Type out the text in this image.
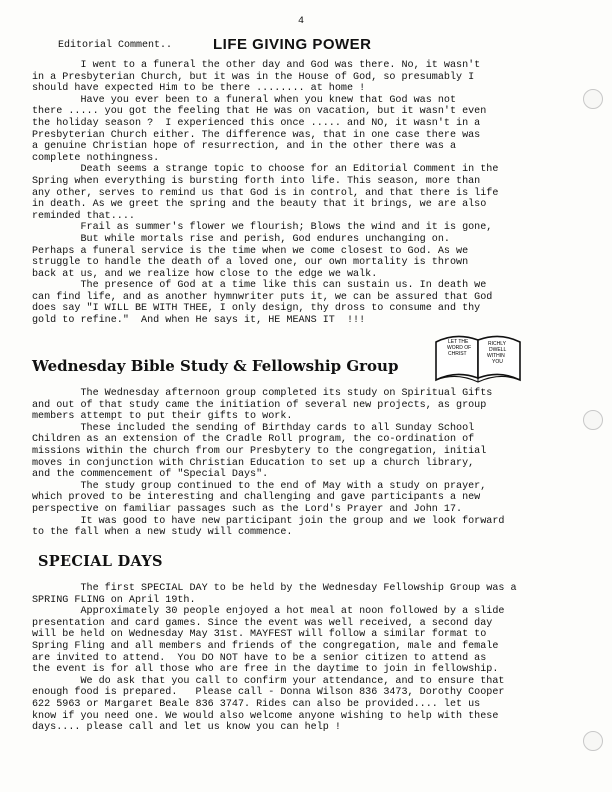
4
Editorial Comment..	LIFE GIVING POWER

I went to a funeral the other day and God was there. No, it wasn't

in a Presbyterian Church, but it was in the House of God, so presumably I

should have expected Him to be there ........ at home !

Have you ever been to a funeral when you knew that God was not

there ..... you got the feeling that He was on vacation, but it wasn't even

the holiday season ?  I experienced this once ..... and NO, it wasn't in a

Presbyterian Church either. The difference was, that in one case there was

a genuine Christian hope of resurrection, and in the other there was a

complete nothingness.

Death seems a strange topic to choose for an Editorial Comment in the

Spring when everything is bursting forth into life. This season, more than

any other, serves to remind us that God is in control, and that there is life

in death. As we greet the spring and the beauty that it brings, we are also

reminded that....

Frail as summer's flower we flourish; Blows the wind and it is gone,

But while mortals rise and perish, God endures unchanging on.

Perhaps a funeral service is the time when we come closest to God. As we

struggle to handle the death of a loved one, our own mortality is thrown

back at us, and we realize how close to the edge we walk.

The presence of God at a time like this can sustain us. In death we

can find life, and as another hymnwriter puts it, we can be assured that God

does say "I WILL BE WITH THEE, I only design, thy dross to consume and thy

gold to refine."  And when He says it, HE MEANS IT  !!!

LET THE
WORD OF
CHRIST
RICHLY
DWELL
WITHIN
YOU
Wednesday Bible Study & Fellowship Group

The Wednesday afternoon group completed its study on Spiritual Gifts

and out of that study came the initiation of several new projects, as group

members attempt to put their gifts to work.

These included the sending of Birthday cards to all Sunday School

Children as an extension of the Cradle Roll program, the co-ordination of

missions within the church from our Presbytery to the congregation, initial

moves in conjunction with Christian Education to set up a church library,

and the commencement of "Special Days".

The study group continued to the end of May with a study on prayer,

which proved to be interesting and challenging and gave participants a new

perspective on familiar passages such as the Lord's Prayer and John 17.

It was good to have new participant join the group and we look forward

to the fall when a new study will commence.

SPECIAL DAYS

The first SPECIAL DAY to be held by the Wednesday Fellowship Group was a

SPRING FLING on April 19th.

Approximately 30 people enjoyed a hot meal at noon followed by a slide

presentation and card games. Since the event was well received, a second day

will be held on Wednesday May 31st. MAYFEST will follow a similar format to

Spring Fling and all members and friends of the congregation, male and female

are invited to attend.  You DO NOT have to be a senior citizen to attend as

the event is for all those who are free in the daytime to join in fellowship.

We do ask that you call to confirm your attendance, and to ensure that

enough food is prepared.   Please call - Donna Wilson 836 3473, Dorothy Cooper

622 5963 or Margaret Beale 836 3747. Rides can also be provided.... let us

know if you need one. We would also welcome anyone wishing to help with these

days.... please call and let us know you can help !
